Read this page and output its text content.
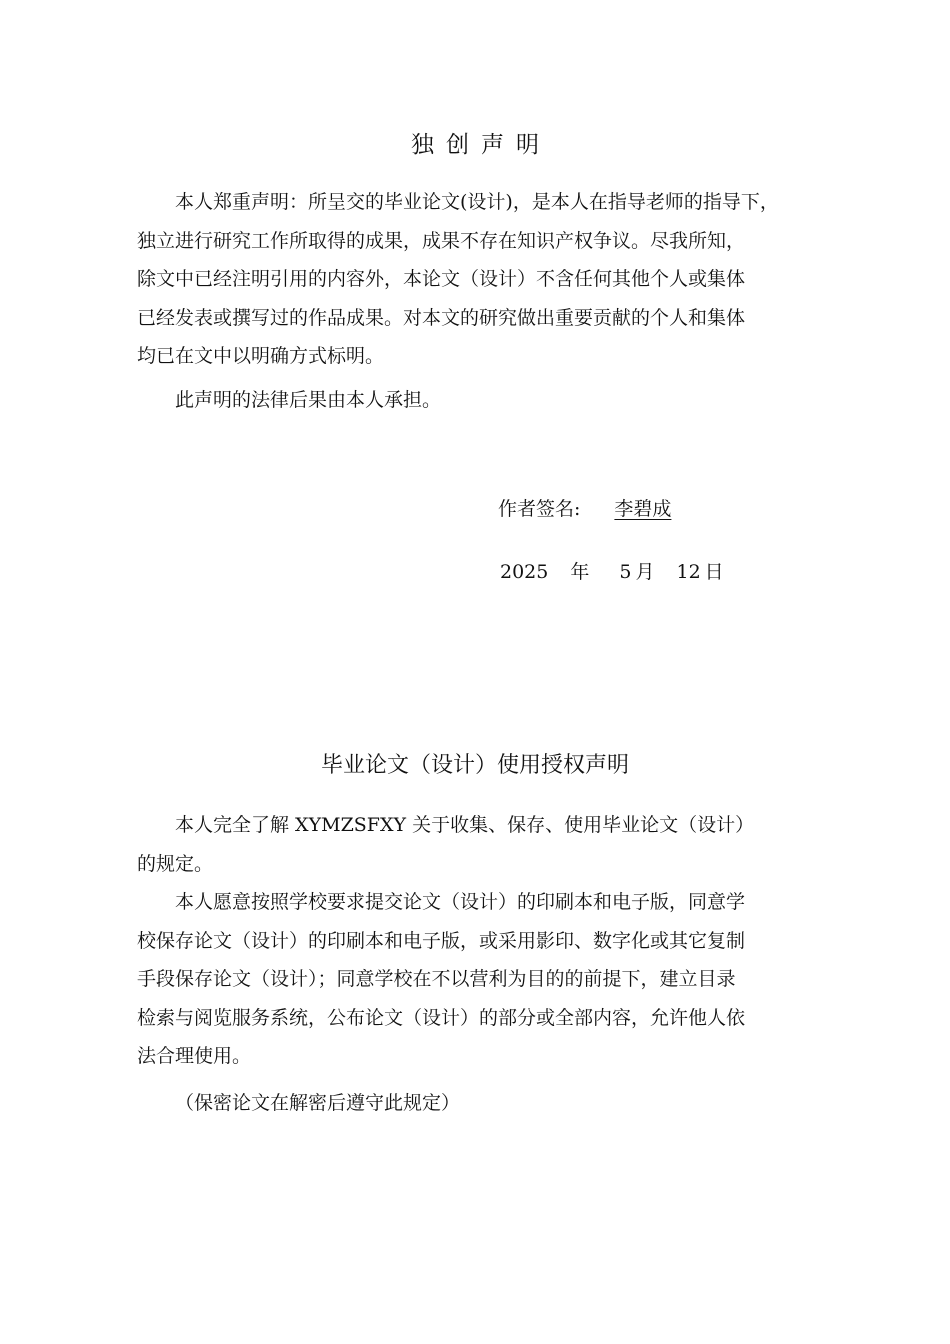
独创声明
本人郑重声明：所呈交的毕业论文(设计)，是本人在指导老师的指导下，
独立进行研究工作所取得的成果，成果不存在知识产权争议。尽我所知，
除文中已经注明引用的内容外，本论文（设计）不含任何其他个人或集体
已经发表或撰写过的作品成果。对本文的研究做出重要贡献的个人和集体
均已在文中以明确方式标明。
此声明的法律后果由本人承担。
作者签名: 李碧成
2025 年 5 月 12 日
毕业论文（设计）使用授权声明
本人完全了解 XYMZSFXY 关于收集、保存、使用毕业论文（设计）
的规定。
本人愿意按照学校要求提交论文（设计）的印刷本和电子版，同意学
校保存论文（设计）的印刷本和电子版，或采用影印、数字化或其它复制
手段保存论文（设计）；同意学校在不以营利为目的的前提下，建立目录
检索与阅览服务系统，公布论文（设计）的部分或全部内容，允许他人依
法合理使用。
（保密论文在解密后遵守此规定）
